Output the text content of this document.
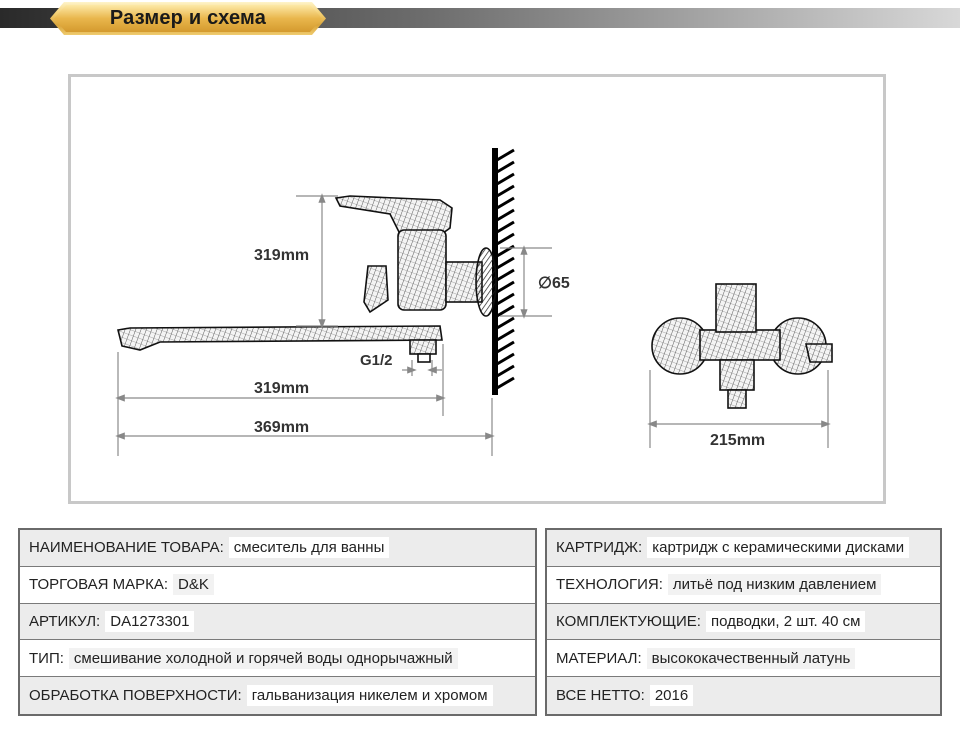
Размер и схема
319mm
∅65
G1/2
319mm
369mm
215mm
НАИМЕНОВАНИЕ ТОВАРА: смеситель для ванны
ТОРГОВАЯ МАРКА: D&K
АРТИКУЛ: DA1273301
ТИП: смешивание холодной и горячей воды однорычажный
ОБРАБОТКА ПОВЕРХНОСТИ: гальванизация никелем и хромом
КАРТРИДЖ: картридж с керамическими дисками
ТЕХНОЛОГИЯ: литьё под низким давлением
КОМПЛЕКТУЮЩИЕ: подводки, 2 шт. 40 см
МАТЕРИАЛ: высококачественный латунь
ВСЕ НЕТТО: 2016
